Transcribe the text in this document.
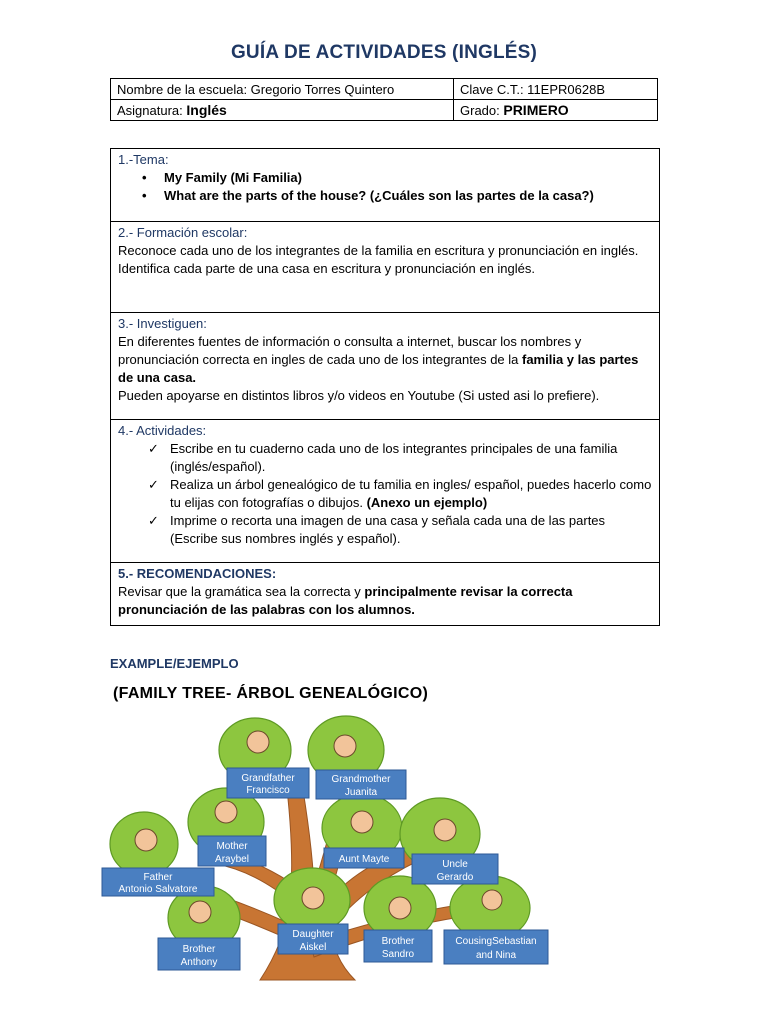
GUÍA DE ACTIVIDADES (INGLÉS)
Nombre de la escuela: Gregorio Torres Quintero	Clave C.T.: 11EPR0628B
Asignatura: Inglés	Grado: PRIMERO
1.-Tema:
• My Family (Mi Familia)
• What are the parts of the house? (¿Cuáles son las partes de la casa?)
2.- Formación escolar:

Reconoce cada uno de los integrantes de la familia en escritura y pronunciación en inglés.

Identifica cada parte de una casa en escritura y pronunciación en inglés.

3.- Investiguen:

En diferentes fuentes de información o consulta a internet, buscar los nombres y pronunciación correcta en ingles de cada uno de los integrantes de la familia y las partes de una casa.

Pueden apoyarse en distintos libros y/o videos en Youtube (Si usted asi lo prefiere).

4.- Actividades:
✓ Escribe en tu cuaderno cada uno de los integrantes principales de una familia (inglés/español).
✓ Realiza un árbol genealógico de tu familia en ingles/ español, puedes hacerlo como tu elijas con fotografías o dibujos. (Anexo un ejemplo)
✓ Imprime o recorta una imagen de una casa y señala cada una de las partes (Escribe sus nombres inglés y español).
5.- RECOMENDACIONES:

Revisar que la gramática sea la correcta y principalmente revisar la correcta pronunciación de las palabras con los alumnos.

EXAMPLE/EJEMPLO
(FAMILY TREE- ÁRBOL GENEALÓGICO)
Grandfather
Francisco
Grandmother
Juanita
Mother
Araybel	Aunt Mayte	Uncle
Gerardo
Father
Antonio Salvatore
Brother
Anthony
Daughter
Aiskel
Brother
Sandro
CousingSebastian
and Nina
